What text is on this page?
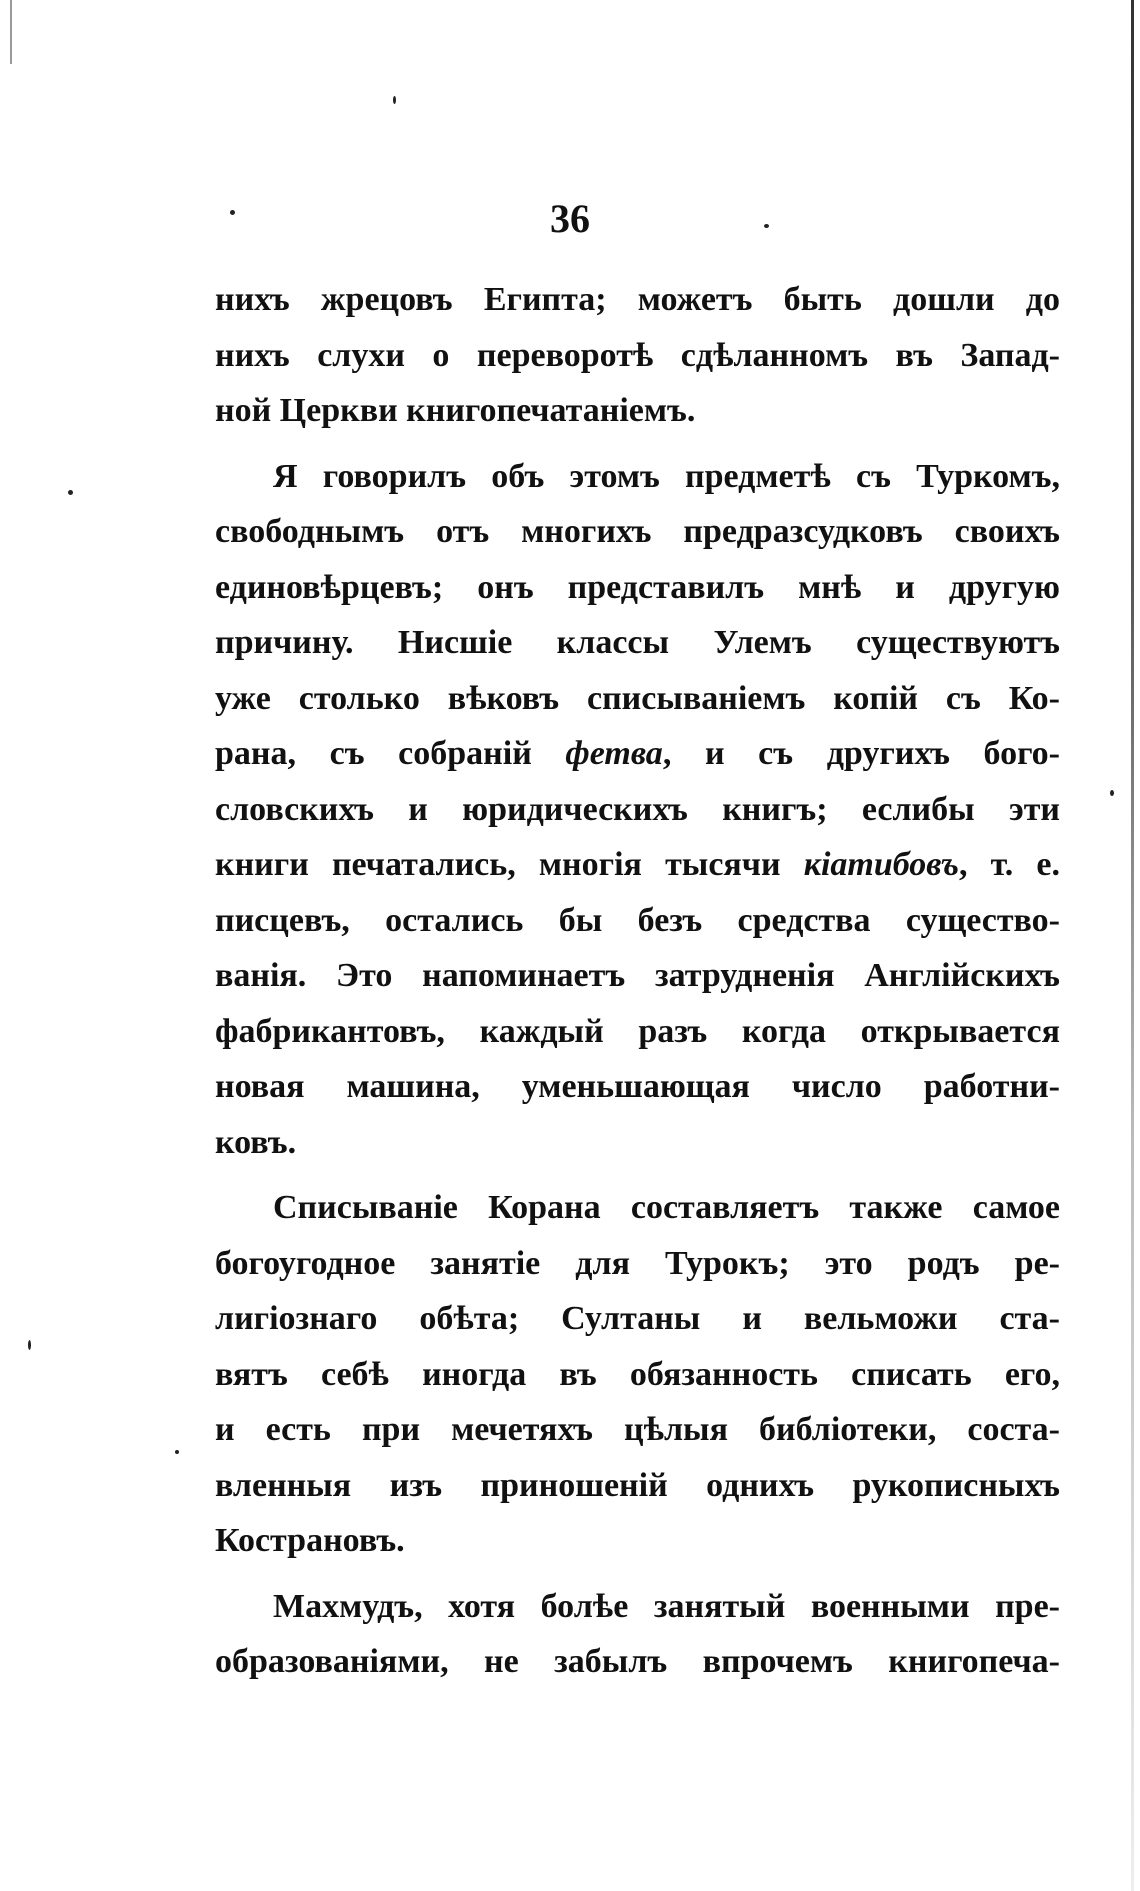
36
нихъ жрецовъ Египта; можетъ быть дошли до
нихъ слухи о переворотѣ сдѣланномъ въ Запад-
ной Церкви книгопечатаніемъ.
Я говорилъ объ этомъ предметѣ съ Туркомъ,
свободнымъ отъ многихъ предразсудковъ своихъ
единовѣрцевъ; онъ представилъ мнѣ и другую
причину. Нисшіе классы Улемъ существуютъ
уже столько вѣковъ списываніемъ копій съ Ко-
рана, съ собраній фетва, и съ другихъ бого-
словскихъ и юридическихъ книгъ; еслибы эти
книги печатались, многія тысячи кіатибовъ, т. е.
писцевъ, остались бы безъ средства существо-
ванія. Это напоминаетъ затрудненія Англійскихъ
фабрикантовъ, каждый разъ когда открывается
новая машина, уменьшающая число работни-
ковъ.
Списываніе Корана составляетъ также самое
богоугодное занятіе для Турокъ; это родъ ре-
лигіознаго обѣта; Султаны и вельможи ста-
вятъ себѣ иногда въ обязанность списать его,
и есть при мечетяхъ цѣлыя библіотеки, соста-
вленныя изъ приношеній однихъ рукописныхъ
Кострановъ.
Махмудъ, хотя болѣе занятый военными пре-
образованіями, не забылъ впрочемъ книгопеча-
